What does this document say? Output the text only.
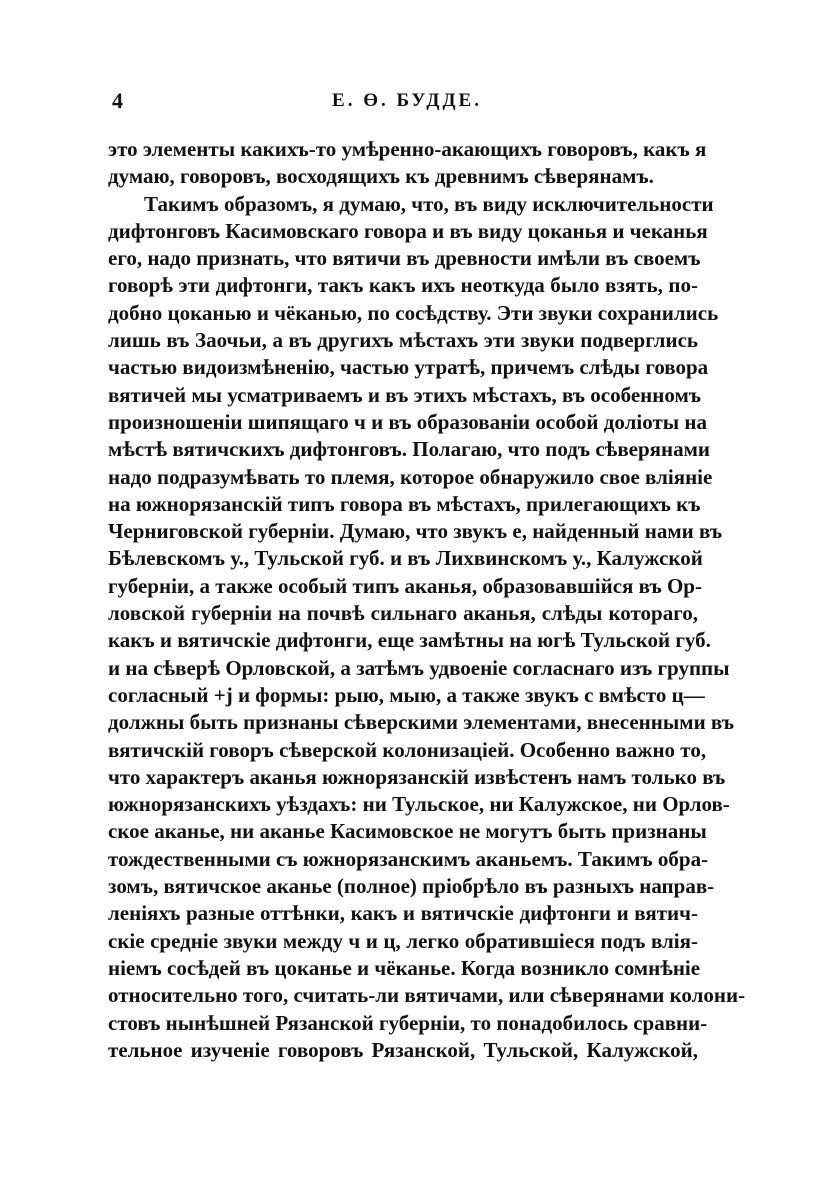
4	Е. Ө. БУДДЕ.
это элементы какихъ-то умѣренно-акающихъ говоровъ, какъ я
думаю, говоровъ, восходящихъ къ древнимъ сѣверянамъ.
Такимъ образомъ, я думаю, что, въ виду исключительности
дифтонговъ Касимовскаго говора и въ виду цоканья и чеканья
его, надо признать, что вятичи въ древности имѣли въ своемъ
говорѣ эти дифтонги, такъ какъ ихъ неоткуда было взять, по-
добно цоканью и чёканью, по сосѣдству. Эти звуки сохранились
лишь въ Заочьи, а въ другихъ мѣстахъ эти звуки подверглись
частью видоизмѣненію, частью утратѣ, причемъ слѣды говора
вятичей мы усматриваемъ и въ этихъ мѣстахъ, въ особенномъ
произношеніи шипящаго ч и въ образованіи особой доліоты на
мѣстѣ вятичскихъ дифтонговъ. Полагаю, что подъ сѣверянами
надо подразумѣвать то племя, которое обнаружило свое вліяніе
на южнорязанскій типъ говора въ мѣстахъ, прилегающихъ къ
Черниговской губерніи. Думаю, что звукъ е, найденный нами въ
Бѣлевскомъ у., Тульской губ. и въ Лихвинскомъ у., Калужской
губерніи, а также особый типъ аканья, образовавшійся въ Ор-
ловской губерніи на почвѣ сильнаго аканья, слѣды котораго,
какъ и вятичскіе дифтонги, еще замѣтны на югѣ Тульской губ.
и на сѣверѣ Орловской, а затѣмъ удвоеніе согласнаго изъ группы
согласный +j и формы: рыю, мыю, а также звукъ с вмѣсто ц—
должны быть признаны сѣверскими элементами, внесенными въ
вятичскій говоръ сѣверской колонизаціей. Особенно важно то,
что характеръ аканья южнорязанскій извѣстенъ намъ только въ
южнорязанскихъ уѣздахъ: ни Тульское, ни Калужское, ни Орлов-
ское аканье, ни аканье Касимовское не могутъ быть признаны
тождественными съ южнорязанскимъ аканьемъ. Такимъ обра-
зомъ, вятичское аканье (полное) пріобрѣло въ разныхъ направ-
леніяхъ разные оттѣнки, какъ и вятичскіе дифтонги и вятич-
скіе средніе звуки между ч и ц, легко обратившіеся подъ влія-
ніемъ сосѣдей въ цоканье и чёканье. Когда возникло сомнѣніе
относительно того, считать-ли вятичами, или сѣверянами колони-
стовъ нынѣшней Рязанской губерніи, то понадобилось сравни-
тельное изученіе говоровъ Рязанской, Тульской, Калужской,
